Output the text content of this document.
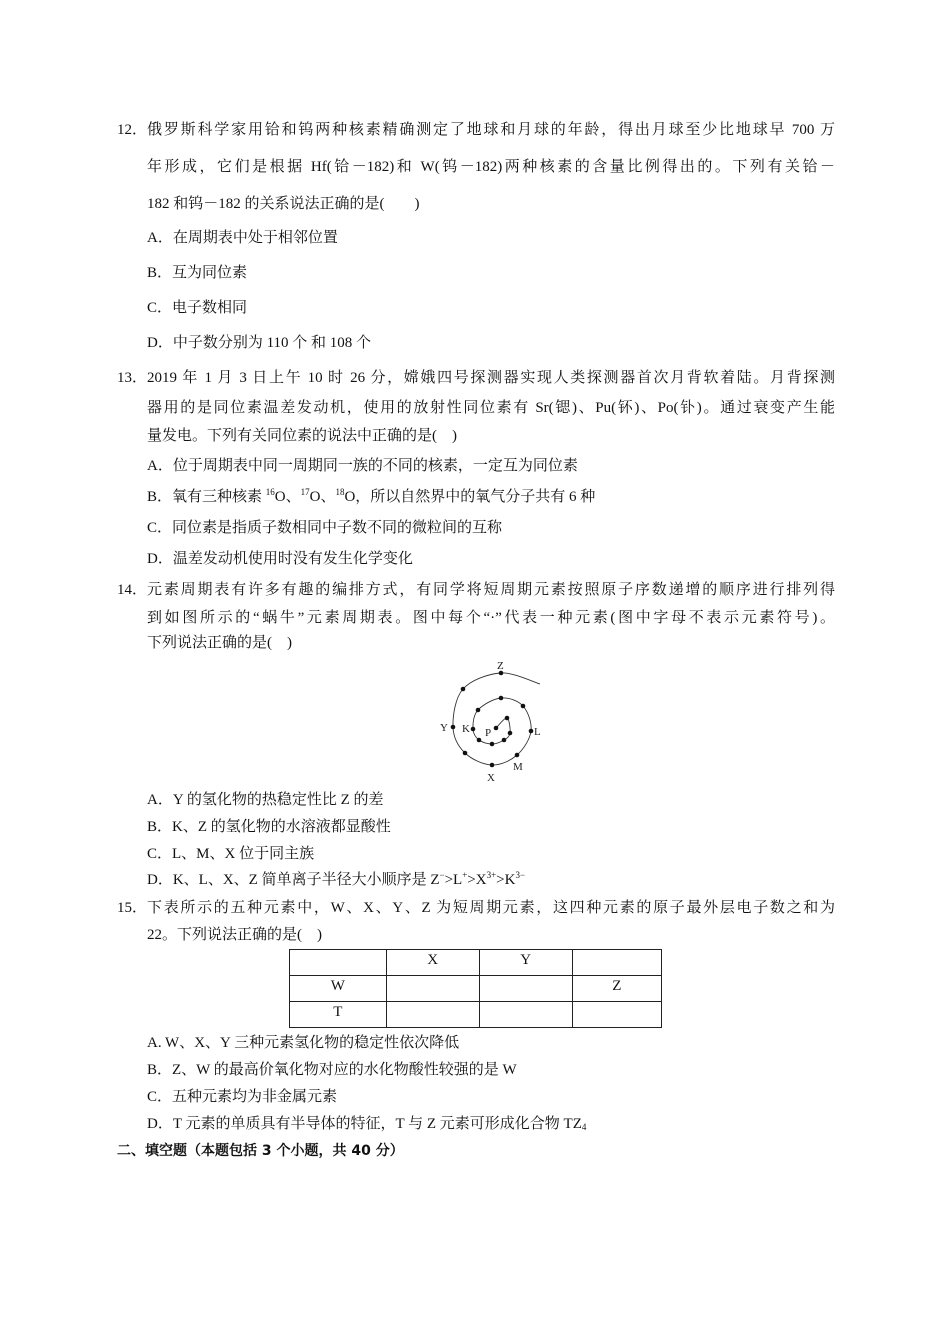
12． 俄罗斯科学家用铪和钨两种核素精确测定了地球和月球的年龄，得出月球至少比地球早 700 万
年形成，它们是根据 Hf(铪－182)和 W(钨－182)两种核素的含量比例得出的。下列有关铪－
182 和钨－182 的关系说法正确的是(　　)
A．在周期表中处于相邻位置
B．互为同位素
C．电子数相同
D．中子数分别为 110 个 和 108 个
13． 2019 年 1 月 3 日上午 10 时 26 分，嫦娥四号探测器实现人类探测器首次月背软着陆。月背探测
器用的是同位素温差发动机，使用的放射性同位素有 Sr(锶)、Pu(钚)、Po(钋)。通过衰变产生能
量发电。下列有关同位素的说法中正确的是(　)
A．位于周期表中同一周期同一族的不同的核素，一定互为同位素
B．氧有三种核素 $^{16}$O、$^{17}$O、$^{18}$O，所以自然界中的氧气分子共有 6 种
C．同位素是指质子数相同中子数不同的微粒间的互称
D．温差发动机使用时没有发生化学变化
14． 元素周期表有许多有趣的编排方式，有同学将短周期元素按照原子序数递增的顺序进行排列得
到如图所示的“蜗牛”元素周期表。图中每个“·”代表一种元素(图中字母不表示元素符号)。
下列说法正确的是(　)
Z
Y K P	L
M
X
A．Y 的氢化物的热稳定性比 Z 的差
B．K、Z 的氢化物的水溶液都显酸性
C．L、M、X 位于同主族
D．K、L、X、Z 简单离子半径大小顺序是 $Z^->L^+>X^{3+}>K^{3-}$
15． 下表所示的五种元素中，W、X、Y、Z 为短周期元素，这四种元素的原子最外层电子数之和为
22。下列说法正确的是(　)
	X	Y	
W			Z
T			
A. W、X、Y 三种元素氢化物的稳定性依次降低
B．Z、W 的最高价氧化物对应的水化物酸性较强的是 W
C．五种元素均为非金属元素
D．T 元素的单质具有半导体的特征，T 与 Z 元素可形成化合物 $TZ_4$
二、填空题（本题包括 3 个小题，共 40 分）
